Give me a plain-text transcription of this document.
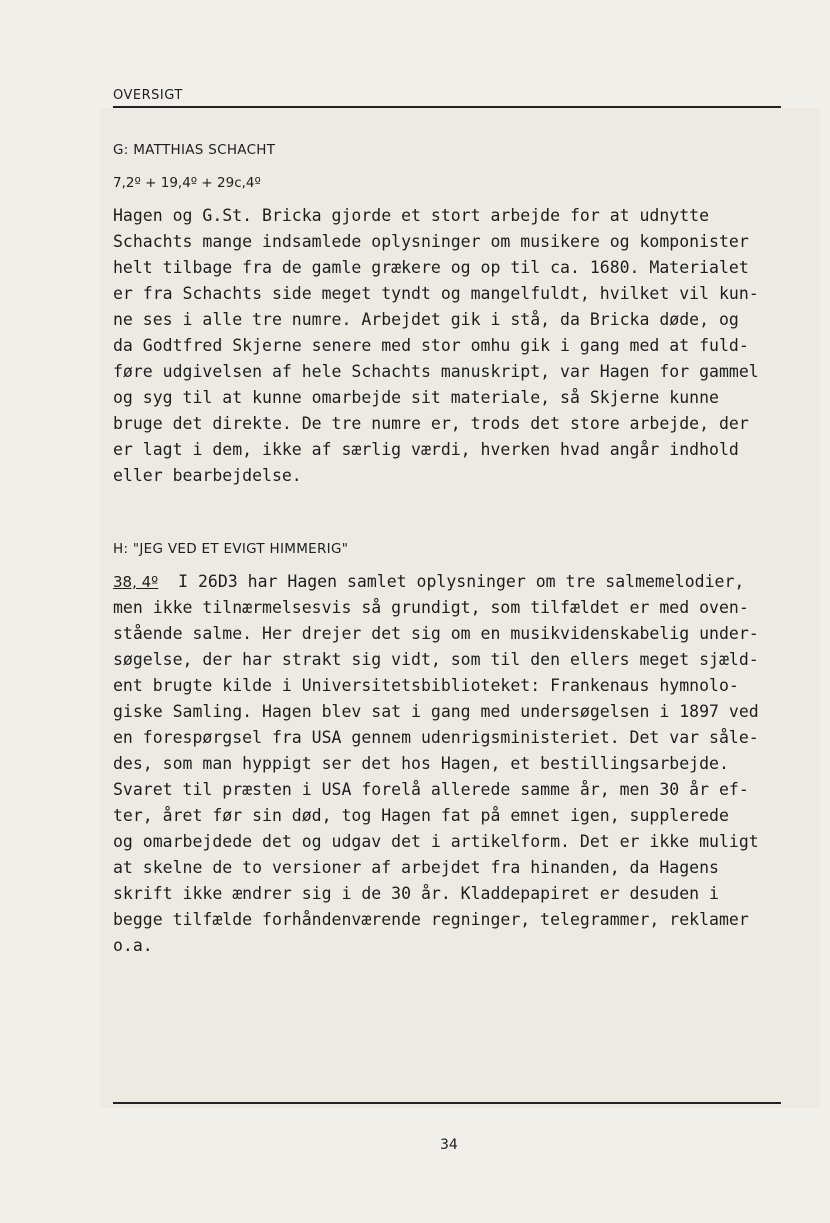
OVERSIGT
G: MATTHIAS SCHACHT
7,2º + 19,4º + 29c,4º

Hagen og G.St. Bricka gjorde et stort arbejde for at udnytte
Schachts mange indsamlede oplysninger om musikere og komponister
helt tilbage fra de gamle grækere og op til ca. 1680. Materialet
er fra Schachts side meget tyndt og mangelfuldt, hvilket vil kun-
ne ses i alle tre numre. Arbejdet gik i stå, da Bricka døde, og
da Godtfred Skjerne senere med stor omhu gik i gang med at fuld-
føre udgivelsen af hele Schachts manuskript, var Hagen for gammel
og syg til at kunne omarbejde sit materiale, så Skjerne kunne
bruge det direkte. De tre numre er, trods det store arbejde, der
er lagt i dem, ikke af særlig værdi, hverken hvad angår indhold
eller bearbejdelse.

H: "JEG VED ET EVIGT HIMMERIG"

38, 4º I 26D3 har Hagen samlet oplysninger om tre salmemelodier,

men ikke tilnærmelsesvis så grundigt, som tilfældet er med oven-
stående salme. Her drejer det sig om en musikvidenskabelig under-
søgelse, der har strakt sig vidt, som til den ellers meget sjæld-
ent brugte kilde i Universitetsbiblioteket: Frankenaus hymnolo-
giske Samling. Hagen blev sat i gang med undersøgelsen i 1897 ved
en forespørgsel fra USA gennem udenrigsministeriet. Det var såle-
des, som man hyppigt ser det hos Hagen, et bestillingsarbejde.
Svaret til præsten i USA forelå allerede samme år, men 30 år ef-
ter, året før sin død, tog Hagen fat på emnet igen, supplerede
og omarbejdede det og udgav det i artikelform. Det er ikke muligt
at skelne de to versioner af arbejdet fra hinanden, da Hagens
skrift ikke ændrer sig i de 30 år. Kladdepapiret er desuden i
begge tilfælde forhåndenværende regninger, telegrammer, reklamer
o.a.

34
